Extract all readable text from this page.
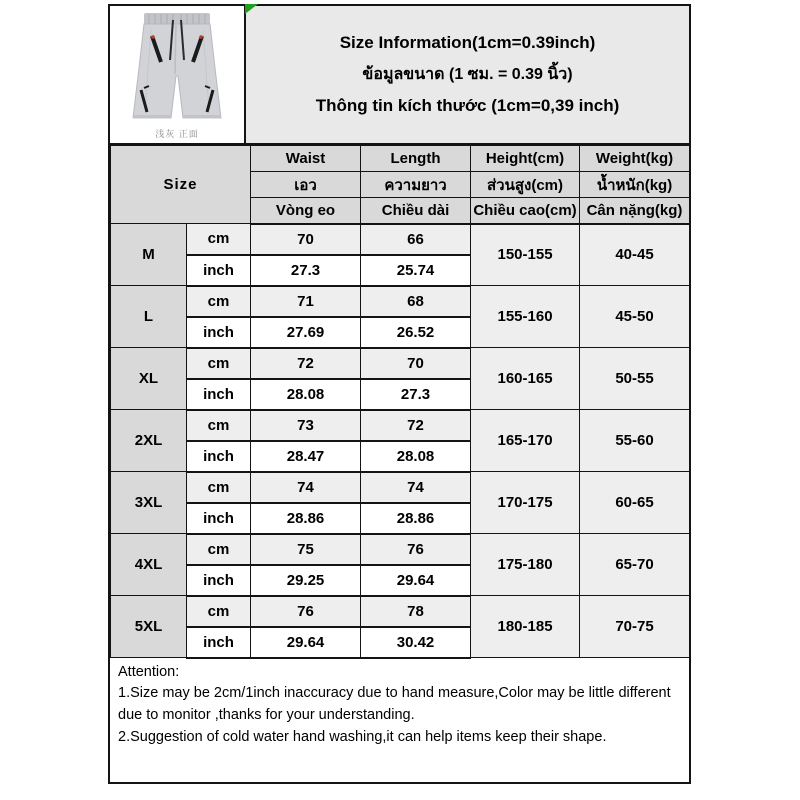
浅灰 正面
Size Information(1cm=0.39inch)
ข้อมูลขนาด (1 ซม. = 0.39 นิ้ว)
Thông tin kích thước (1cm=0,39 inch)
Size		Waist	Length	Height(cm)	Weight(kg)
		เอว	ความยาว	ส่วนสูง(cm)	น้ำหนัก(kg)
		Vòng eo	Chiều dài	Chiều cao(cm)	Cân nặng(kg)
M	cm	70	66	150-155	40-45
	inch	27.3	25.74		
L	cm	71	68	155-160	45-50
	inch	27.69	26.52		
XL	cm	72	70	160-165	50-55
	inch	28.08	27.3		
2XL	cm	73	72	165-170	55-60
	inch	28.47	28.08		
3XL	cm	74	74	170-175	60-65
	inch	28.86	28.86		
4XL	cm	75	76	175-180	65-70
	inch	29.25	29.64		
5XL	cm	76	78	180-185	70-75
	inch	29.64	30.42		
Attention:
1.Size may be 2cm/1inch inaccuracy due to hand measure,Color may be little different due to monitor ,thanks for your understanding.
2.Suggestion of cold water hand washing,it can help items keep their shape.
